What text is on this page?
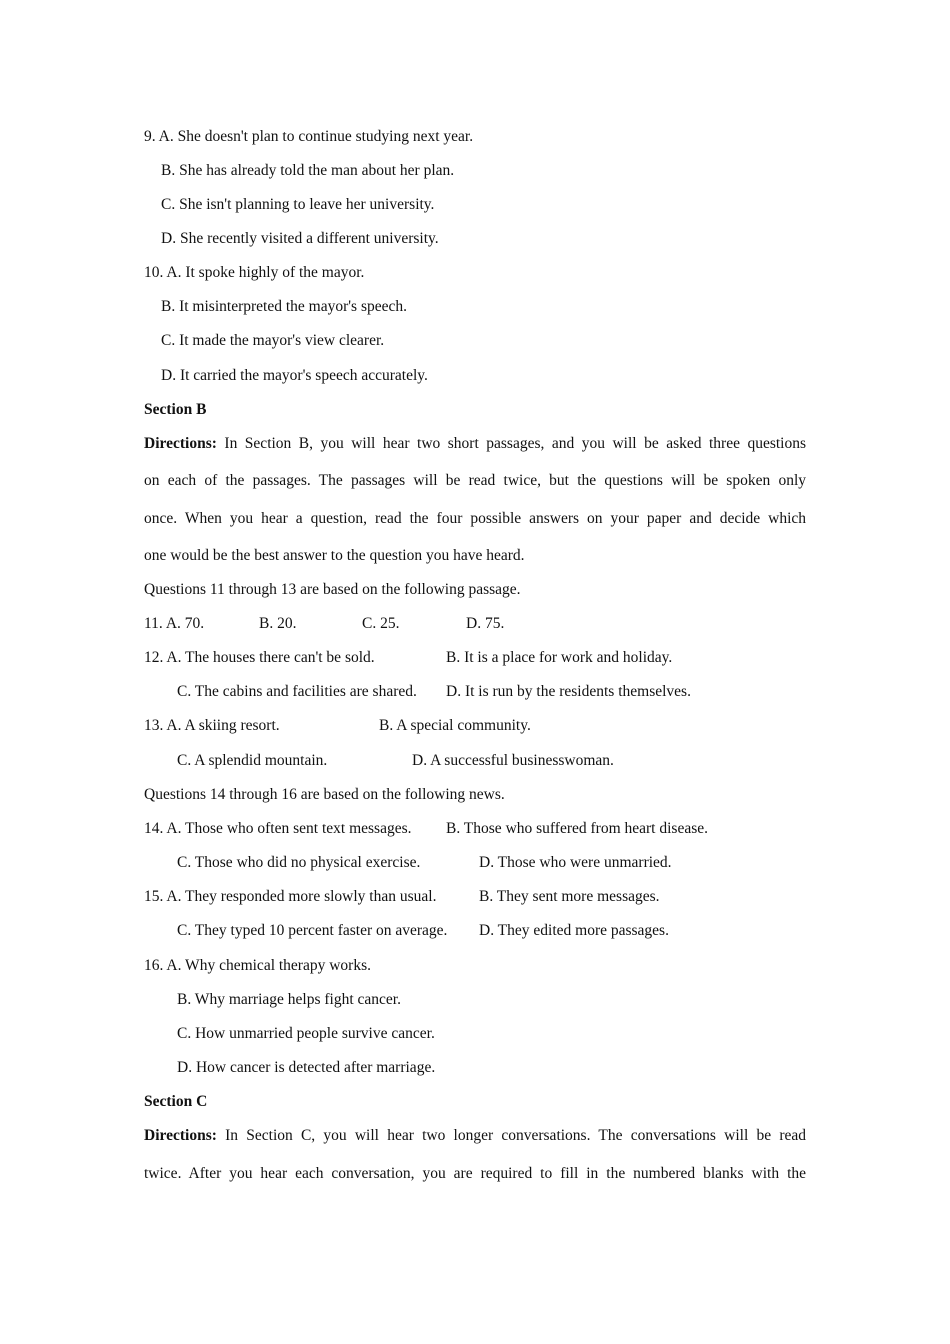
9. A. She doesn't plan to continue studying next year.
B. She has already told the man about her plan.
C. She isn't planning to leave her university.
D. She recently visited a different university.
10. A. It spoke highly of the mayor.
B. It misinterpreted the mayor's speech.
C. It made the mayor's view clearer.
D. It carried the mayor's speech accurately.
Section B
Directions: In Section B, you will hear two short passages, and you will be asked three questions
on each of the passages. The passages will be read twice, but the questions will be spoken only
once. When you hear a question, read the four possible answers on your paper and decide which
one would be the best answer to the question you have heard.
Questions 11 through 13 are based on the following passage.
11. A. 70.	B. 20.	C. 25.	D. 75.
12. A. The houses there can't be sold.	B. It is a place for work and holiday.
C. The cabins and facilities are shared. D. It is run by the residents themselves.
13. A. A skiing resort.	B. A special community.
C. A splendid mountain.	D. A successful businesswoman.
Questions 14 through 16 are based on the following news.
14. A. Those who often sent text messages. B. Those who suffered from heart disease.
C. Those who did no physical exercise.	D. Those who were unmarried.
15. A. They responded more slowly than usual.	B. They sent more messages.
C. They typed 10 percent faster on average. D. They edited more passages.
16. A. Why chemical therapy works.
B. Why marriage helps fight cancer.
C. How unmarried people survive cancer.
D. How cancer is detected after marriage.
Section C
Directions: In Section C, you will hear two longer conversations. The conversations will be read
twice. After you hear each conversation, you are required to fill in the numbered blanks with the
